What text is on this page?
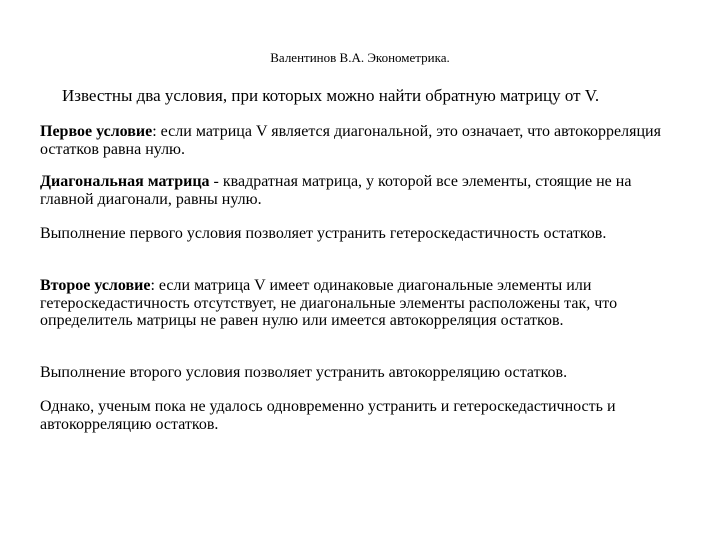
Валентинов В.А. Эконометрика.
Известны два условия, при которых можно найти обратную матрицу от V.
Первое условие: если матрица V является диагональной, это означает, что автокорреляция остатков равна нулю.
Диагональная матрица - квадратная матрица, у которой все элементы, стоящие не на главной диагонали, равны нулю.
Выполнение первого условия позволяет устранить гетероскедастичность остатков.
Второе условие: если матрица V имеет одинаковые диагональные элементы или гетероскедастичность отсутствует, не диагональные элементы расположены так, что определитель матрицы не равен нулю или имеется автокорреляция остатков.
Выполнение второго условия позволяет устранить автокорреляцию остатков.
Однако, ученым пока не удалось одновременно устранить и гетероскедастичность и автокорреляцию остатков.
